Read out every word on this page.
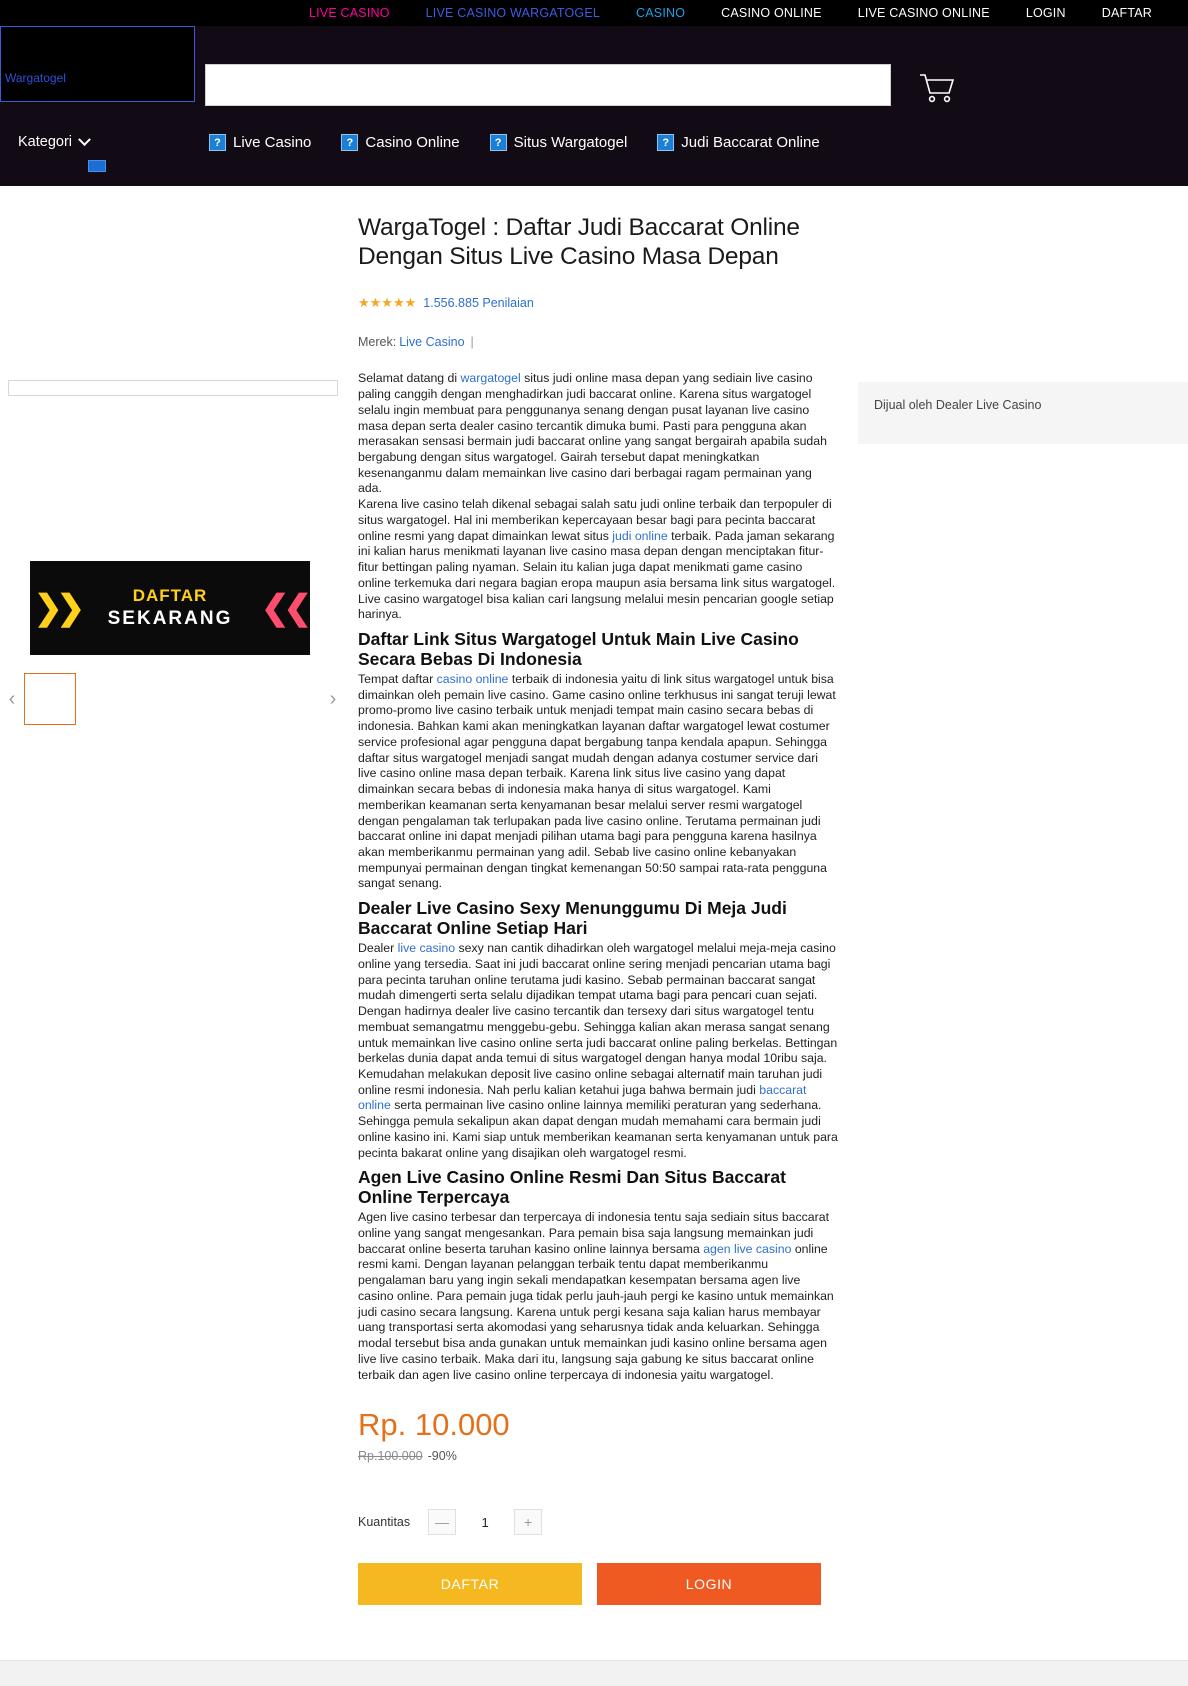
LIVE CASINO	LIVE CASINO WARGATOGEL	CASINO	CASINO ONLINE	LIVE CASINO ONLINE	LOGIN	DAFTAR
Wargatogel
Kategori	? Live Casino	? Casino Online	? Situs Wargatogel	? Judi Baccarat Online
❯❯	❮❮
DAFTAR
SEKARANG
‹	›
WargaTogel : Daftar Judi Baccarat Online Dengan Situs Live Casino Masa Depan
★★★★★ 1.556.885 Penilaian
Merek: Live Casino |

Selamat datang di wargatogel situs judi online masa depan yang sediain live casino paling canggih dengan menghadirkan judi baccarat online. Karena situs wargatogel selalu ingin membuat para penggunanya senang dengan pusat layanan live casino masa depan serta dealer casino tercantik dimuka bumi. Pasti para pengguna akan merasakan sensasi bermain judi baccarat online yang sangat bergairah apabila sudah bergabung dengan situs wargatogel. Gairah tersebut dapat meningkatkan kesenanganmu dalam memainkan live casino dari berbagai ragam permainan yang ada.

Karena live casino telah dikenal sebagai salah satu judi online terbaik dan terpopuler di situs wargatogel. Hal ini memberikan kepercayaan besar bagi para pecinta baccarat online resmi yang dapat dimainkan lewat situs judi online terbaik. Pada jaman sekarang ini kalian harus menikmati layanan live casino masa depan dengan menciptakan fitur-fitur bettingan paling nyaman. Selain itu kalian juga dapat menikmati game casino online terkemuka dari negara bagian eropa maupun asia bersama link situs wargatogel. Live casino wargatogel bisa kalian cari langsung melalui mesin pencarian google setiap harinya.

Daftar Link Situs Wargatogel Untuk Main Live Casino Secara Bebas Di Indonesia

Tempat daftar casino online terbaik di indonesia yaitu di link situs wargatogel untuk bisa dimainkan oleh pemain live casino. Game casino online terkhusus ini sangat teruji lewat promo-promo live casino terbaik untuk menjadi tempat main casino secara bebas di indonesia. Bahkan kami akan meningkatkan layanan daftar wargatogel lewat costumer service profesional agar pengguna dapat bergabung tanpa kendala apapun. Sehingga daftar situs wargatogel menjadi sangat mudah dengan adanya costumer service dari live casino online masa depan terbaik. Karena link situs live casino yang dapat dimainkan secara bebas di indonesia maka hanya di situs wargatogel. Kami memberikan keamanan serta kenyamanan besar melalui server resmi wargatogel dengan pengalaman tak terlupakan pada live casino online. Terutama permainan judi baccarat online ini dapat menjadi pilihan utama bagi para pengguna karena hasilnya akan memberikanmu permainan yang adil. Sebab live casino online kebanyakan mempunyai permainan dengan tingkat kemenangan 50:50 sampai rata-rata pengguna sangat senang.

Dealer Live Casino Sexy Menunggumu Di Meja Judi Baccarat Online Setiap Hari

Dealer live casino sexy nan cantik dihadirkan oleh wargatogel melalui meja-meja casino online yang tersedia. Saat ini judi baccarat online sering menjadi pencarian utama bagi para pecinta taruhan online terutama judi kasino. Sebab permainan baccarat sangat mudah dimengerti serta selalu dijadikan tempat utama bagi para pencari cuan sejati. Dengan hadirnya dealer live casino tercantik dan tersexy dari situs wargatogel tentu membuat semangatmu menggebu-gebu. Sehingga kalian akan merasa sangat senang untuk memainkan live casino online serta judi baccarat online paling berkelas. Bettingan berkelas dunia dapat anda temui di situs wargatogel dengan hanya modal 10ribu saja. Kemudahan melakukan deposit live casino online sebagai alternatif main taruhan judi online resmi indonesia. Nah perlu kalian ketahui juga bahwa bermain judi baccarat online serta permainan live casino online lainnya memiliki peraturan yang sederhana. Sehingga pemula sekalipun akan dapat dengan mudah memahami cara bermain judi online kasino ini. Kami siap untuk memberikan keamanan serta kenyamanan untuk para pecinta bakarat online yang disajikan oleh wargatogel resmi.

Agen Live Casino Online Resmi Dan Situs Baccarat Online Terpercaya

Agen live casino terbesar dan terpercaya di indonesia tentu saja sediain situs baccarat online yang sangat mengesankan. Para pemain bisa saja langsung memainkan judi baccarat online beserta taruhan kasino online lainnya bersama agen live casino online resmi kami. Dengan layanan pelanggan terbaik tentu dapat memberikanmu pengalaman baru yang ingin sekali mendapatkan kesempatan bersama agen live casino online. Para pemain juga tidak perlu jauh-jauh pergi ke kasino untuk memainkan judi casino secara langsung. Karena untuk pergi kesana saja kalian harus membayar uang transportasi serta akomodasi yang seharusnya tidak anda keluarkan. Sehingga modal tersebut bisa anda gunakan untuk memainkan judi kasino online bersama agen live live casino terbaik. Maka dari itu, langsung saja gabung ke situs baccarat online terbaik dan agen live casino online terpercaya di indonesia yaitu wargatogel.

Rp. 10.000
Rp.100.000 -90%
Kuantitas	—	1	+
DAFTAR	LOGIN
Dijual oleh Dealer Live Casino
